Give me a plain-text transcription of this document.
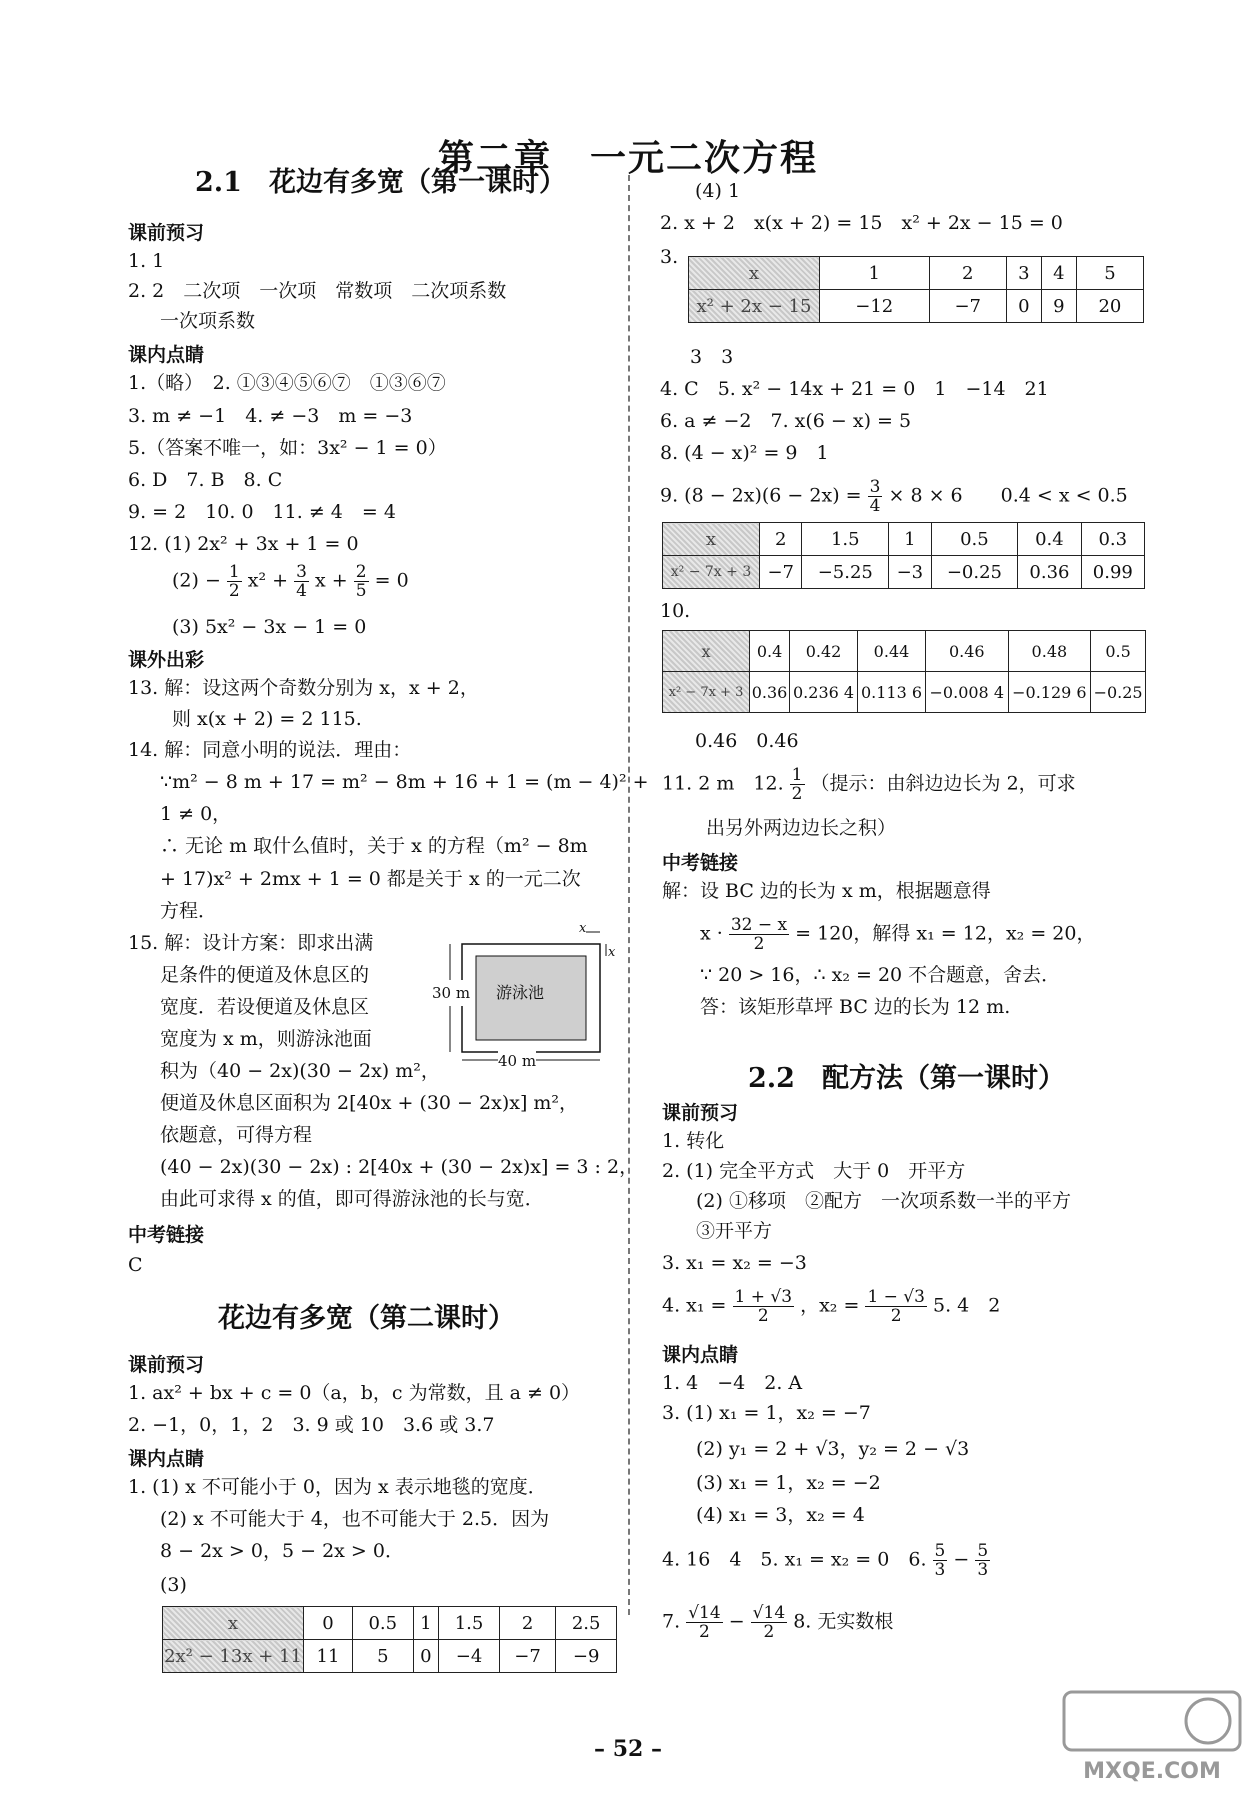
第二章　一元二次方程
2.1　花边有多宽（第一课时）
课前预习
1. 1
2. 2　二次项　一次项　常数项　二次项系数
一次项系数
课内点睛
1.（略）　2. ①③④⑤⑥⑦　①③⑥⑦
3. m ≠ −1　4. ≠ −3　m = −3
5.（答案不唯一，如：3x² − 1 = 0）
6. D　7. B　8. C
9. = 2　10. 0　11. ≠ 4　= 4
12. (1) 2x² + 3x + 1 = 0
$(2) - \frac{1}{2} x^2 + \frac{3}{4}$ $x + \frac{2}{5} = 0$
(3) 5x² − 3x − 1 = 0
课外出彩
13. 解：设这两个奇数分别为 x，x + 2，
则 x(x + 2) = 2 115.
14. 解：同意小明的说法．理由：
∵m² − 8 m + 17 = m² − 8m + 16 + 1 = (m − 4)² +
1 ≠ 0，
∴ 无论 m 取什么值时，关于 x 的方程（m² − 8m
+ 17)x² + 2mx + 1 = 0 都是关于 x 的一元二次
方程．
15. 解：设计方案：即求出满
足条件的便道及休息区的
宽度．若设便道及休息区
宽度为 x m，则游泳池面
积为（40 − 2x)(30 − 2x) m²，
便道及休息区面积为 2[40x + (30 − 2x)x] m²，
依题意，可得方程
(40 − 2x)(30 − 2x) : 2[40x + (30 − 2x)x] = 3 : 2，
由此可求得 x 的值，即可得游泳池的长与宽．
中考链接
C
游泳池
30 m
40 m
x
x
花边有多宽（第二课时）
课前预习
1. ax² + bx + c = 0（a，b，c 为常数，且 a ≠ 0）
2. −1，0，1，2　3. 9 或 10　3.6 或 3.7
课内点睛
1. (1) x 不可能小于 0，因为 x 表示地毯的宽度．
(2) x 不可能大于 4，也不可能大于 2.5．因为
8 − 2x > 0，5 − 2x > 0．
(3)
x	0	0.5	1	1.5	2	2.5
2x² − 13x + 11	11	5	0	−4	−7	−9
(4) 1
2. x + 2　x(x + 2) = 15　x² + 2x − 15 = 0
3.
x	1	2	3	4	5
x² + 2x − 15	−12	−7	0	9	20
3　3
4. C　5. x² − 14x + 21 = 0　1　−14　21
6. a ≠ −2　7. x(6 − x) = 5
8. (4 − x)² = 9　1
9. $(8 - 2x)(6 - 2x) = \frac{3}{4} \times 8 \times 6$　　0.4 < x < 0.5
x	2	1.5	1	0.5	0.4	0.3
x² − 7x + 3	−7	−5.25	−3	−0.25	0.36	0.99
10.
x	0.4	0.42	0.44	0.46	0.48	0.5
x² − 7x + 3	0.36	0.236 4	0.113 6	−0.008 4	−0.129 6	−0.25
0.46　0.46
11. 2 m　12. $\frac{1}{2}$ （提示：由斜边边长为 2，可求
出另外两边边长之积）
中考链接
解：设 BC 边的长为 x m，根据题意得
$x \cdot \frac{32 - x}{2} = 120$，解得 x₁ = 12，x₂ = 20，
∵ 20 > 16，∴ x₂ = 20 不合题意，舍去．
答：该矩形草坪 BC 边的长为 12 m.
2.2　配方法（第一课时）
课前预习
1. 转化
2. (1) 完全平方式　大于 0　开平方
(2) ①移项　②配方　一次项系数一半的平方
③开平方
3. x₁ = x₂ = −3
4. $x_1 = \frac{1 + √3}{2}$ ，$x_2 = \frac{1 - √3}{2} 5$. 4　2
课内点睛
1. 4　−4　2. A
3. (1) x₁ = 1，x₂ = −7
(2) y₁ = 2 + √3，y₂ = 2 − √3
(3) x₁ = 1，x₂ = −2
(4) x₁ = 3，x₂ = 4
4. 16　4　5. x₁ = x₂ = 0　6. $\frac{5}{3} - \frac{5}{3}$
7. $\frac{√14}{2} - \frac{√14}{2} 8$. 无实数根
– 52 –
MXQE.COM
